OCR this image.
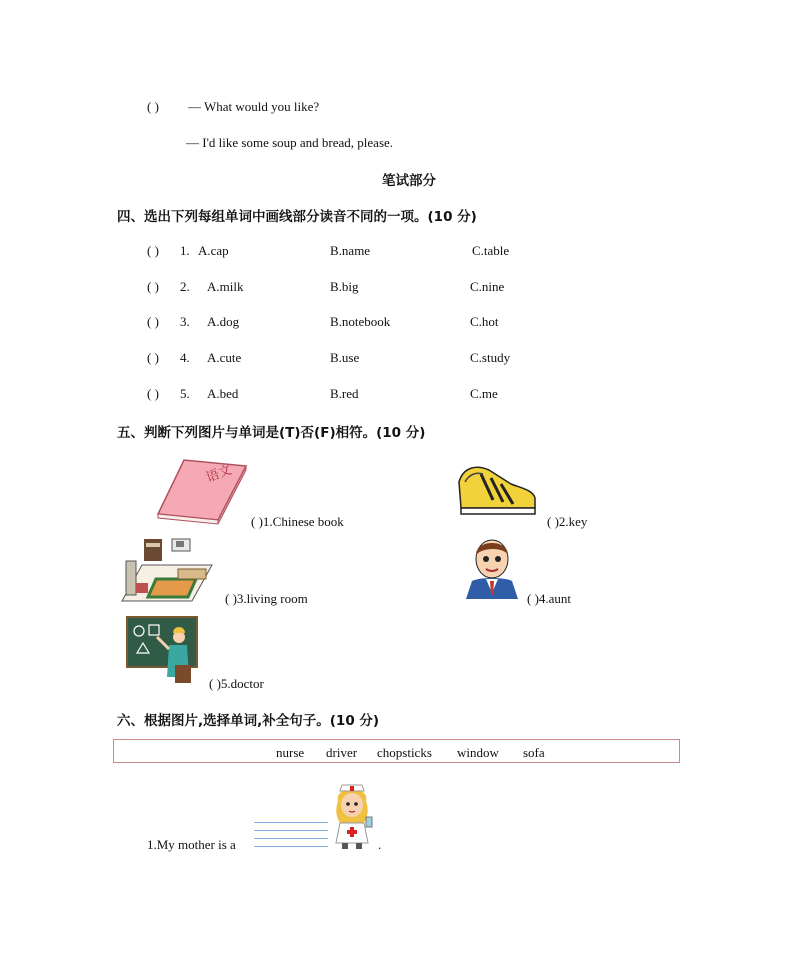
( ) — What would you like?
— I'd like some soup and bread, please.
笔试部分
四、选出下列每组单词中画线部分读音不同的一项。(10 分)
( ) 1. A.cap	B.name	C.table
( ) 2. A.milk	B.big	C.nine
( ) 3. A.dog	B.notebook	C.hot
( ) 4. A.cute	B.use	C.study
( ) 5. A.bed	B.red	C.me
五、判断下列图片与单词是(T)否(F)相符。(10 分)
语文
( )1.Chinese book	( )2.key
( )3.living room	( )4.aunt
( )5.doctor
六、根据图片,选择单词,补全句子。(10 分)
nurse driver chopsticks window sofa
1.My mother is a	.
